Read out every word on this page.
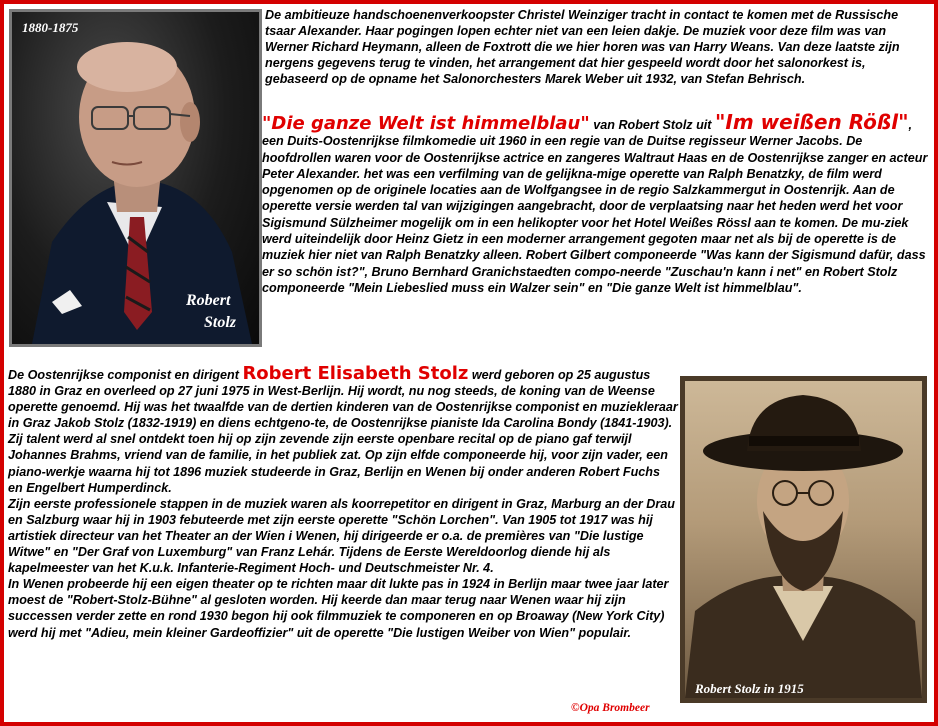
1880-1875
Robert
Stolz

De ambitieuze handschoenenverkoopster Christel Weinziger tracht in contact te komen met de Russische tsaar Alexander. Haar pogingen lopen echter niet van een leien dakje. De muziek voor deze film was van Werner Richard Heymann, alleen de Foxtrott die we hier horen was van Harry Weans. Van deze laatste zijn nergens gegevens terug te vinden, het arrangement dat hier gespeeld wordt door het salonorkest is, gebaseerd op de opname het Salonorchesters Marek Weber uit 1932, van Stefan Behrisch.

"Die ganze Welt ist himmelblau" van Robert Stolz uit "Im weißen Rößl", een Duits-Oostenrijkse filmkomedie uit 1960 in een regie van de Duitse regisseur Werner Jacobs. De hoofdrollen waren voor de Oostenrijkse actrice en zangeres Waltraut Haas en de Oostenrijkse zanger en acteur Peter Alexander. het was een verfilming van de gelijkna-mige operette van Ralph Benatzky, de film werd opgenomen op de originele locaties aan de Wolfgangsee in de regio Salzkammergut in Oostenrijk. Aan de operette versie werden tal van wijzigingen aangebracht, door de verplaatsing naar het heden werd het voor Sigismund Sülzheimer mogelijk om in een helikopter voor het Hotel Weißes Rössl aan te komen. De mu-ziek werd uiteindelijk door Heinz Gietz in een moderner arrangement gegoten maar net als bij de operette is de muziek hier niet van Ralph Benatzky alleen. Robert Gilbert componeerde "Was kann der Sigismund dafür, dass er so schön ist?", Bruno Bernhard Granichstaedten compo-neerde "Zuschau'n kann i net" en Robert Stolz componeerde "Mein Liebeslied muss ein Walzer sein" en "Die ganze Welt ist himmelblau".

De Oostenrijkse componist en dirigent Robert Elisabeth Stolz werd geboren op 25 augustus 1880 in Graz en overleed op 27 juni 1975 in West-Berlijn. Hij wordt, nu nog steeds, de koning van de Weense operette genoemd. Hij was het twaalfde van de dertien kinderen van de Oostenrijkse componist en muziekleraar in Graz Jakob Stolz (1832-1919) en diens echtgeno-te, de Oostenrijkse pianiste Ida Carolina Bondy (1841-1903). Zij talent werd al snel ontdekt toen hij op zijn zevende zijn eerste openbare recital op de piano gaf terwijl Johannes Brahms, vriend van de familie, in het publiek zat. Op zijn elfde componeerde hij, voor zijn vader, een piano-werkje waarna hij tot 1896 muziek studeerde in Graz, Berlijn en Wenen bij onder anderen Robert Fuchs en Engelbert Humperdinck.
Zijn eerste professionele stappen in de muziek waren als koorrepetitor en dirigent in Graz, Marburg an der Drau en Salzburg waar hij in 1903 febuteerde met zijn eerste operette "Schön Lorchen". Van 1905 tot 1917 was hij artistiek directeur van het Theater an der Wien i Wenen, hij dirigeerde er o.a. de premières van "Die lustige Witwe" en "Der Graf von Luxemburg" van Franz Lehár. Tijdens de Eerste Wereldoorlog diende hij als kapelmeester van het K.u.k. Infanterie-Regiment Hoch- und Deutschmeister Nr. 4.
In Wenen probeerde hij een eigen theater op te richten maar dit lukte pas in 1924 in Berlijn maar twee jaar later moest de "Robert-Stolz-Bühne" al gesloten worden. Hij keerde dan maar terug naar Wenen waar hij zijn successen verder zette en rond 1930 begon hij ook filmmuziek te componeren en op Broaway (New York City) werd hij met "Adieu, mein kleiner Gardeoffizier" uit de operette "Die lustigen Weiber von Wien" populair.
Robert Stolz in 1915
©Opa Brombeer
